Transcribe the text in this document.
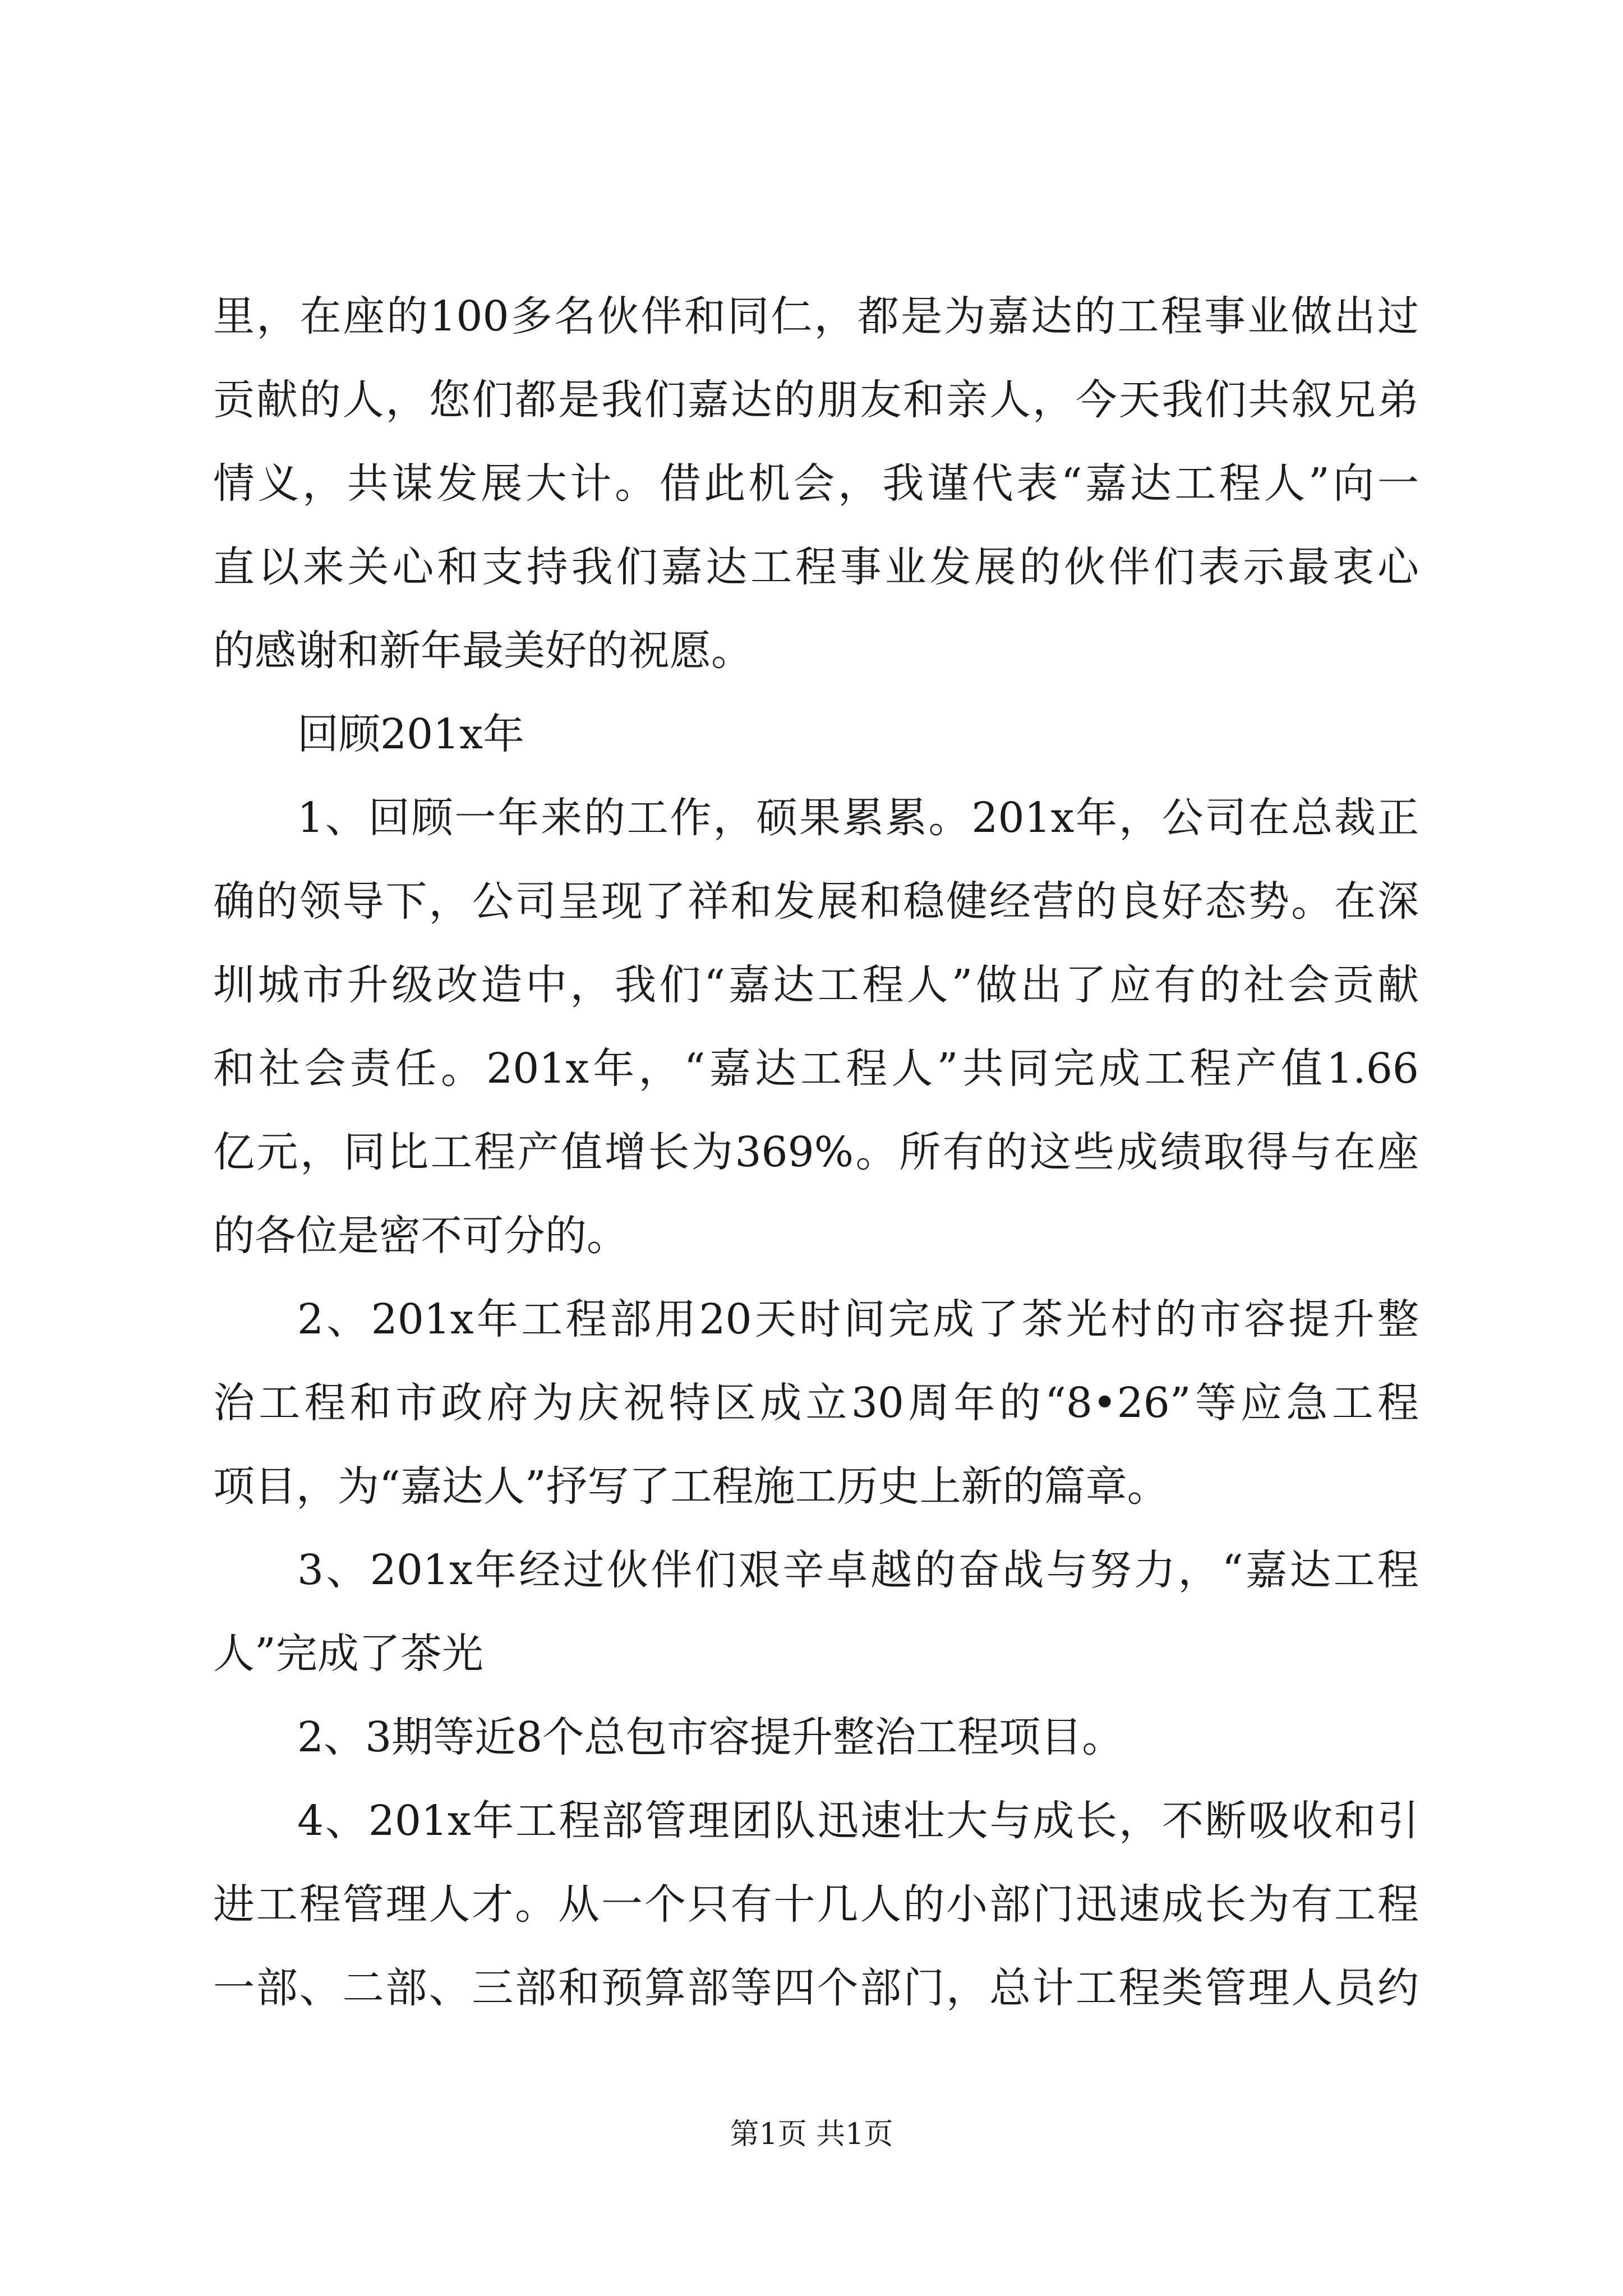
里，在座的100多名伙伴和同仁，都是为嘉达的工程事业做出过
贡献的人，您们都是我们嘉达的朋友和亲人，今天我们共叙兄弟
情义，共谋发展大计。借此机会，我谨代表“嘉达工程人”向一
直以来关心和支持我们嘉达工程事业发展的伙伴们表示最衷心
的感谢和新年最美好的祝愿。
回顾201x年
1、回顾一年来的工作，硕果累累。201x年，公司在总裁正
确的领导下，公司呈现了祥和发展和稳健经营的良好态势。在深
圳城市升级改造中，我们“嘉达工程人”做出了应有的社会贡献
和社会责任。201x年，“嘉达工程人”共同完成工程产值1.66
亿元，同比工程产值增长为369%。所有的这些成绩取得与在座
的各位是密不可分的。
2、201x年工程部用20天时间完成了茶光村的市容提升整
治工程和市政府为庆祝特区成立30周年的“8•26”等应急工程
项目，为“嘉达人”抒写了工程施工历史上新的篇章。
3、201x年经过伙伴们艰辛卓越的奋战与努力，“嘉达工程
人”完成了茶光
2、3期等近8个总包市容提升整治工程项目。
4、201x年工程部管理团队迅速壮大与成长，不断吸收和引
进工程管理人才。从一个只有十几人的小部门迅速成长为有工程
一部、二部、三部和预算部等四个部门，总计工程类管理人员约
第1页 共1页
